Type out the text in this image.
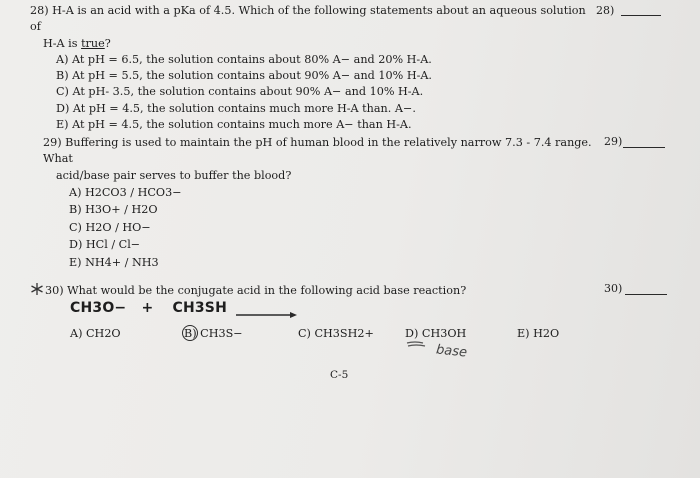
28) H-A is an acid with a pKa of 4.5. Which of the following statements about an aqueous solution of
H-A is true?
A) At pH = 6.5, the solution contains about 80% A− and 20% H-A.
B) At pH = 5.5, the solution contains about 90% A− and 10% H-A.
C) At pH- 3.5, the solution contains about 90% A− and 10% H-A.
D) At pH = 4.5, the solution contains much more H-A than. A−.
E) At pH = 4.5, the solution contains much more A− than H-A.
28)
29) Buffering is used to maintain the pH of human blood in the relatively narrow 7.3 - 7.4 range. What
acid/base pair serves to buffer the blood?
A) H2CO3 / HCO3−
B) H3O+ / H2O
C) H2O / HO−
D) HCl / Cl−
E) NH4+ / NH3
29)
30) What would be the conjugate acid in the following acid base reaction?	30)
CH3O− + CH3SH →
A) CH2O	B) CH3S−	C) CH3SH2+	D) CH3OH	E) H2O
base
C-5
